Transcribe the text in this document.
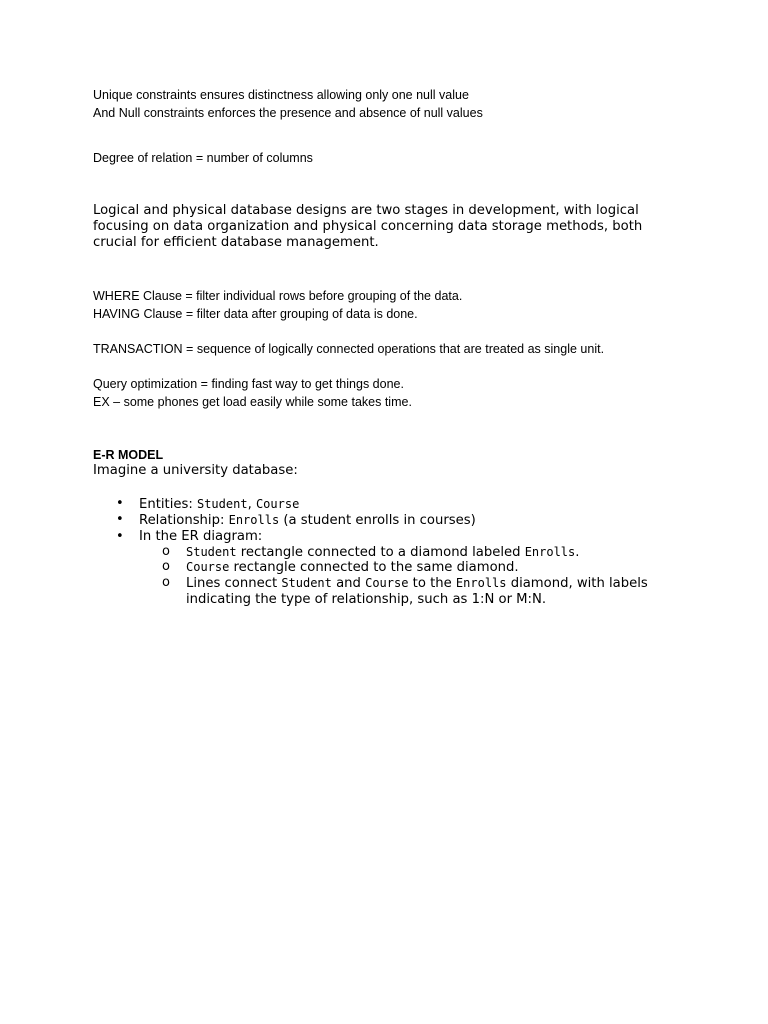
Unique constraints ensures distinctness allowing only one null value
And Null constraints enforces the presence and absence of null values
Degree of relation = number of columns
Logical and physical database designs are two stages in development, with logical focusing on data organization and physical concerning data storage methods, both crucial for efficient database management.
WHERE Clause = filter individual rows before grouping of the data.
HAVING Clause = filter data after grouping of data is done.
TRANSACTION = sequence of logically connected operations that are treated as single unit.
Query optimization = finding fast way to get things done.
EX – some phones get load easily while some takes time.
E-R MODEL
Imagine a university database:
• Entities: Student, Course
• Relationship: Enrolls (a student enrolls in courses)
• In the ER diagram:
o Student rectangle connected to a diamond labeled Enrolls.
o Course rectangle connected to the same diamond.
o Lines connect Student and Course to the Enrolls diamond, with labels indicating the type of relationship, such as 1:N or M:N.
